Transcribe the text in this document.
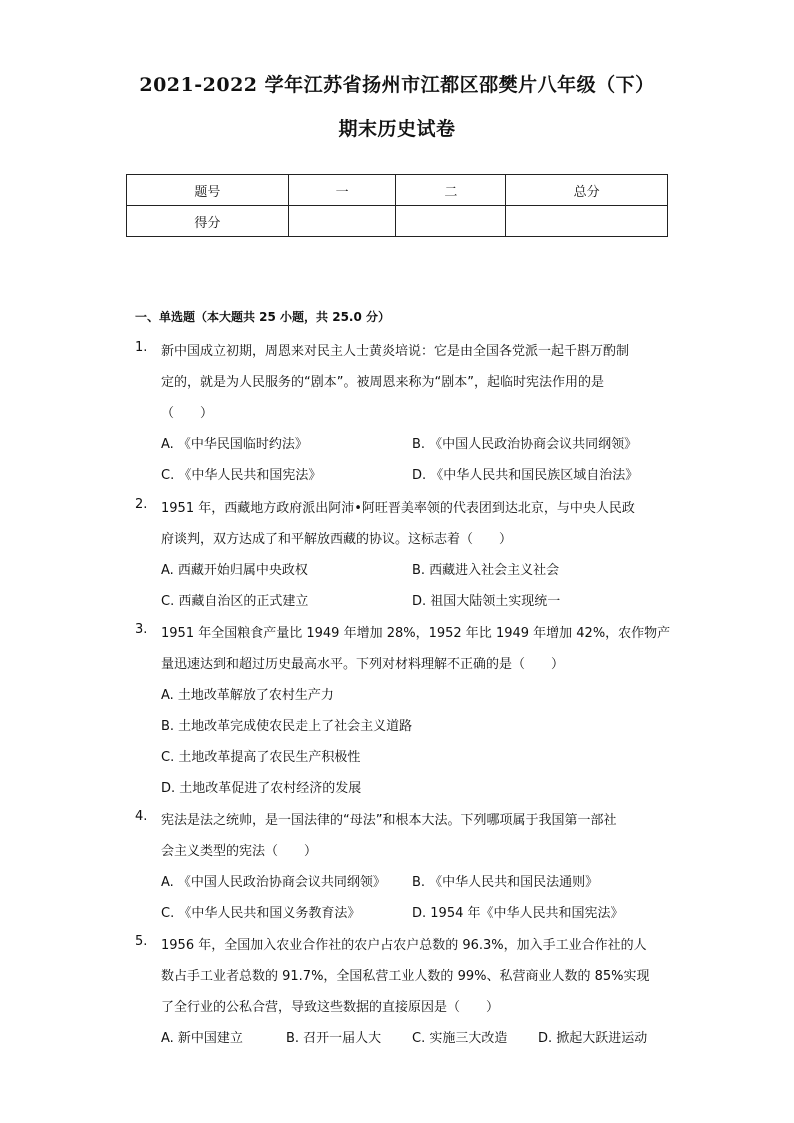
2021-2022 学年江苏省扬州市江都区邵樊片八年级（下）
期末历史试卷
题号	一	二	总分
得分			
一、单选题（本大题共 25 小题，共 25.0 分）
1. 新中国成立初期，周恩来对民主人士黄炎培说：它是由全国各党派一起千斟万酌制
定的，就是为人民服务的“剧本”。被周恩来称为“剧本”，起临时宪法作用的是
（　　）
A. 《中华民国临时约法》	B. 《中国人民政治协商会议共同纲领》
C. 《中华人民共和国宪法》	D. 《中华人民共和国民族区域自治法》
2. 1951 年，西藏地方政府派出阿沛•阿旺晋美率领的代表团到达北京，与中央人民政
府谈判，双方达成了和平解放西藏的协议。这标志着（　　）
A. 西藏开始归属中央政权	B. 西藏进入社会主义社会
C. 西藏自治区的正式建立	D. 祖国大陆领土实现统一
3. 1951 年全国粮食产量比 1949 年增加 28%，1952 年比 1949 年增加 42%，农作物产
量迅速达到和超过历史最高水平。下列对材料理解不正确的是（　　）
A. 土地改革解放了农村生产力
B. 土地改革完成使农民走上了社会主义道路
C. 土地改革提高了农民生产积极性
D. 土地改革促进了农村经济的发展
4. 宪法是法之统帅，是一国法律的“母法”和根本大法。下列哪项属于我国第一部社
会主义类型的宪法（　　）
A. 《中国人民政治协商会议共同纲领》 B. 《中华人民共和国民法通则》
C. 《中华人民共和国义务教育法》	D. 1954 年《中华人民共和国宪法》
5. 1956 年，全国加入农业合作社的农户占农户总数的 96.3%，加入手工业合作社的人
数占手工业者总数的 91.7%，全国私营工业人数的 99%、私营商业人数的 85%实现
了全行业的公私合营，导致这些数据的直接原因是（　　）
A. 新中国建立	B. 召开一届人大 C. 实施三大改造 D. 掀起大跃进运动
